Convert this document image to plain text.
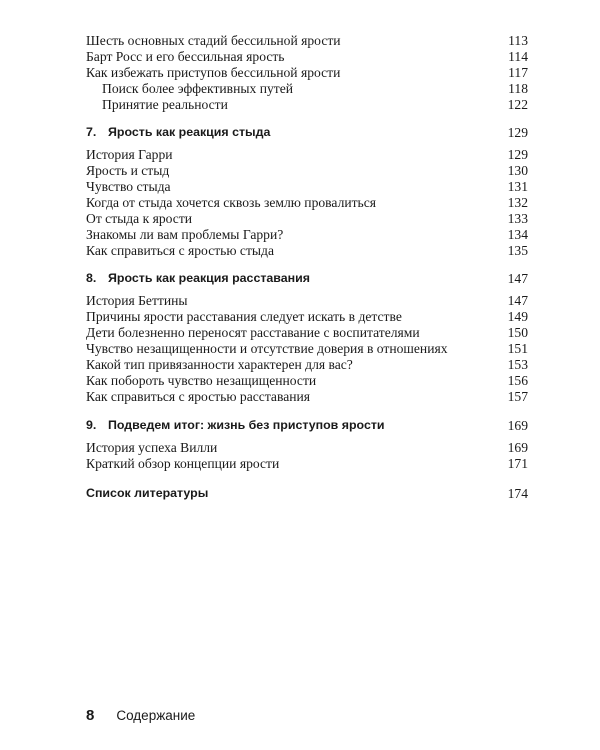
Шесть основных стадий бессильной ярости	113
Барт Росс и его бессильная ярость	114
Как избежать приступов бессильной ярости	117
Поиск более эффективных путей	118
Принятие реальности	122
7. Ярость как реакция стыда	129
История Гарри	129
Ярость и стыд	130
Чувство стыда	131
Когда от стыда хочется сквозь землю провалиться	132
От стыда к ярости	133
Знакомы ли вам проблемы Гарри?	134
Как справиться с яростью стыда	135
8. Ярость как реакция расставания	147
История Беттины	147
Причины ярости расставания следует искать в детстве	149
Дети болезненно переносят расставание с воспитателями	150
Чувство незащищенности и отсутствие доверия в отношениях	151
Какой тип привязанности характерен для вас?	153
Как побороть чувство незащищенности	156
Как справиться с яростью расставания	157
9. Подведем итог: жизнь без приступов ярости	169
История успеха Вилли	169
Краткий обзор концепции ярости	171
Список литературы	174
8 Содержание
